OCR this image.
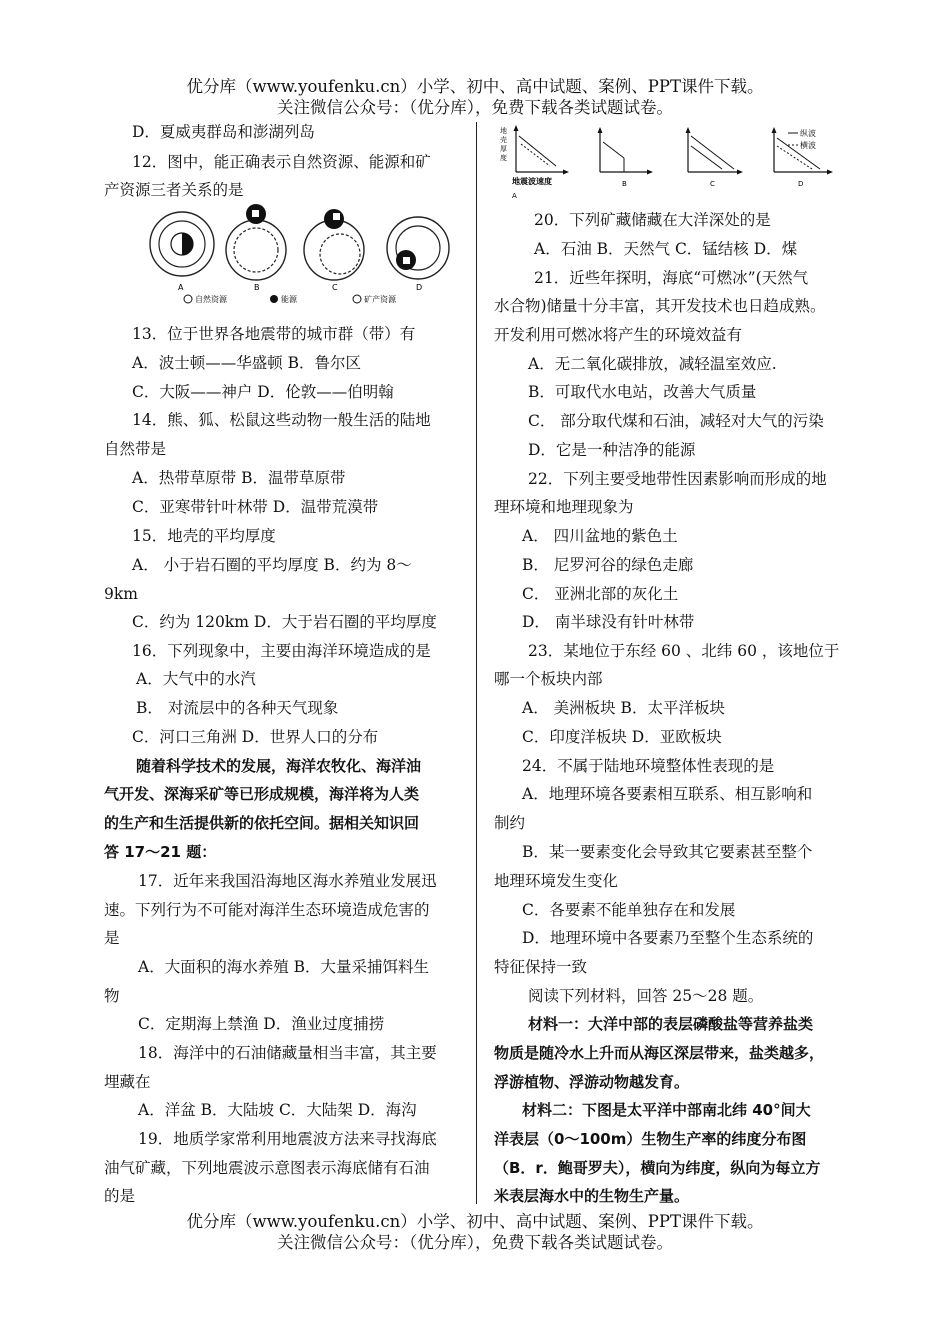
优分库（www.youfenku.cn）小学、初中、高中试题、案例、PPT课件下载。
关注微信公众号：（优分库），免费下载各类试题试卷。
D．夏威夷群岛和澎湖列岛
12．图中，能正确表示自然资源、能源和矿
产资源三者关系的是
A	B	C	D
自然资源	能源	矿产资源
13．位于世界各地震带的城市群（带）有
A．波士顿——华盛顿 B．鲁尔区
C．大阪——神户 D．伦敦——伯明翰
14．熊、狐、松鼠这些动物一般生活的陆地
自然带是
A．热带草原带 B．温带草原带
C．亚寒带针叶林带 D．温带荒漠带
15．地壳的平均厚度
A． 小于岩石圈的平均厚度 B．约为 8～
9km
C．约为 120km D．大于岩石圈的平均厚度
16．下列现象中，主要由海洋环境造成的是
A．大气中的水汽
B． 对流层中的各种天气现象
C．河口三角洲 D．世界人口的分布
随着科学技术的发展，海洋农牧化、海洋油
气开发、深海采矿等已形成规模，海洋将为人类
的生产和生活提供新的依托空间。据相关知识回
答 17～21 题：
17．近年来我国沿海地区海水养殖业发展迅
速。下列行为不可能对海洋生态环境造成危害的
是
A．大面积的海水养殖 B．大量采捕饵料生
物
C．定期海上禁渔 D．渔业过度捕捞
18．海洋中的石油储藏量相当丰富，其主要
埋藏在
A．洋盆 B．大陆坡 C．大陆架 D．海沟
19．地质学家常利用地震波方法来寻找海底
油气矿藏，下列地震波示意图表示海底储有石油
的是
地
壳
厚
度
地震波速度
A
B	C
纵波
横波
D
20．下列矿藏储藏在大洋深处的是
A．石油 B．天然气 C．锰结核 D．煤
21．近些年探明，海底“可燃冰”(天然气
水合物)储量十分丰富，其开发技术也日趋成熟。
开发利用可燃冰将产生的环境效益有
A．无二氧化碳排放，减轻温室效应.
B．可取代水电站，改善大气质量
C． 部分取代煤和石油，减轻对大气的污染
D．它是一种洁净的能源
22．下列主要受地带性因素影响而形成的地
理环境和地理现象为
A． 四川盆地的紫色土
B． 尼罗河谷的绿色走廊
C． 亚洲北部的灰化土
D． 南半球没有针叶林带
23．某地位于东经 60 、北纬 60 ，该地位于
哪一个板块内部
A． 美洲板块 B．太平洋板块
C．印度洋板块 D．亚欧板块
24．不属于陆地环境整体性表现的是
A．地理环境各要素相互联系、相互影响和
制约
B．某一要素变化会导致其它要素甚至整个
地理环境发生变化
C．各要素不能单独存在和发展
D．地理环境中各要素乃至整个生态系统的
特征保持一致
阅读下列材料，回答 25～28 题。
材料一：大洋中部的表层磷酸盐等营养盐类
物质是随冷水上升而从海区深层带来，盐类越多，
浮游植物、浮游动物越发育。
材料二：下图是太平洋中部南北纬 40°间大
洋表层（0～100m）生物生产率的纬度分布图
（B．r．鲍哥罗夫），横向为纬度，纵向为每立方
米表层海水中的生物生产量。
优分库（www.youfenku.cn）小学、初中、高中试题、案例、PPT课件下载。
关注微信公众号：（优分库），免费下载各类试题试卷。
